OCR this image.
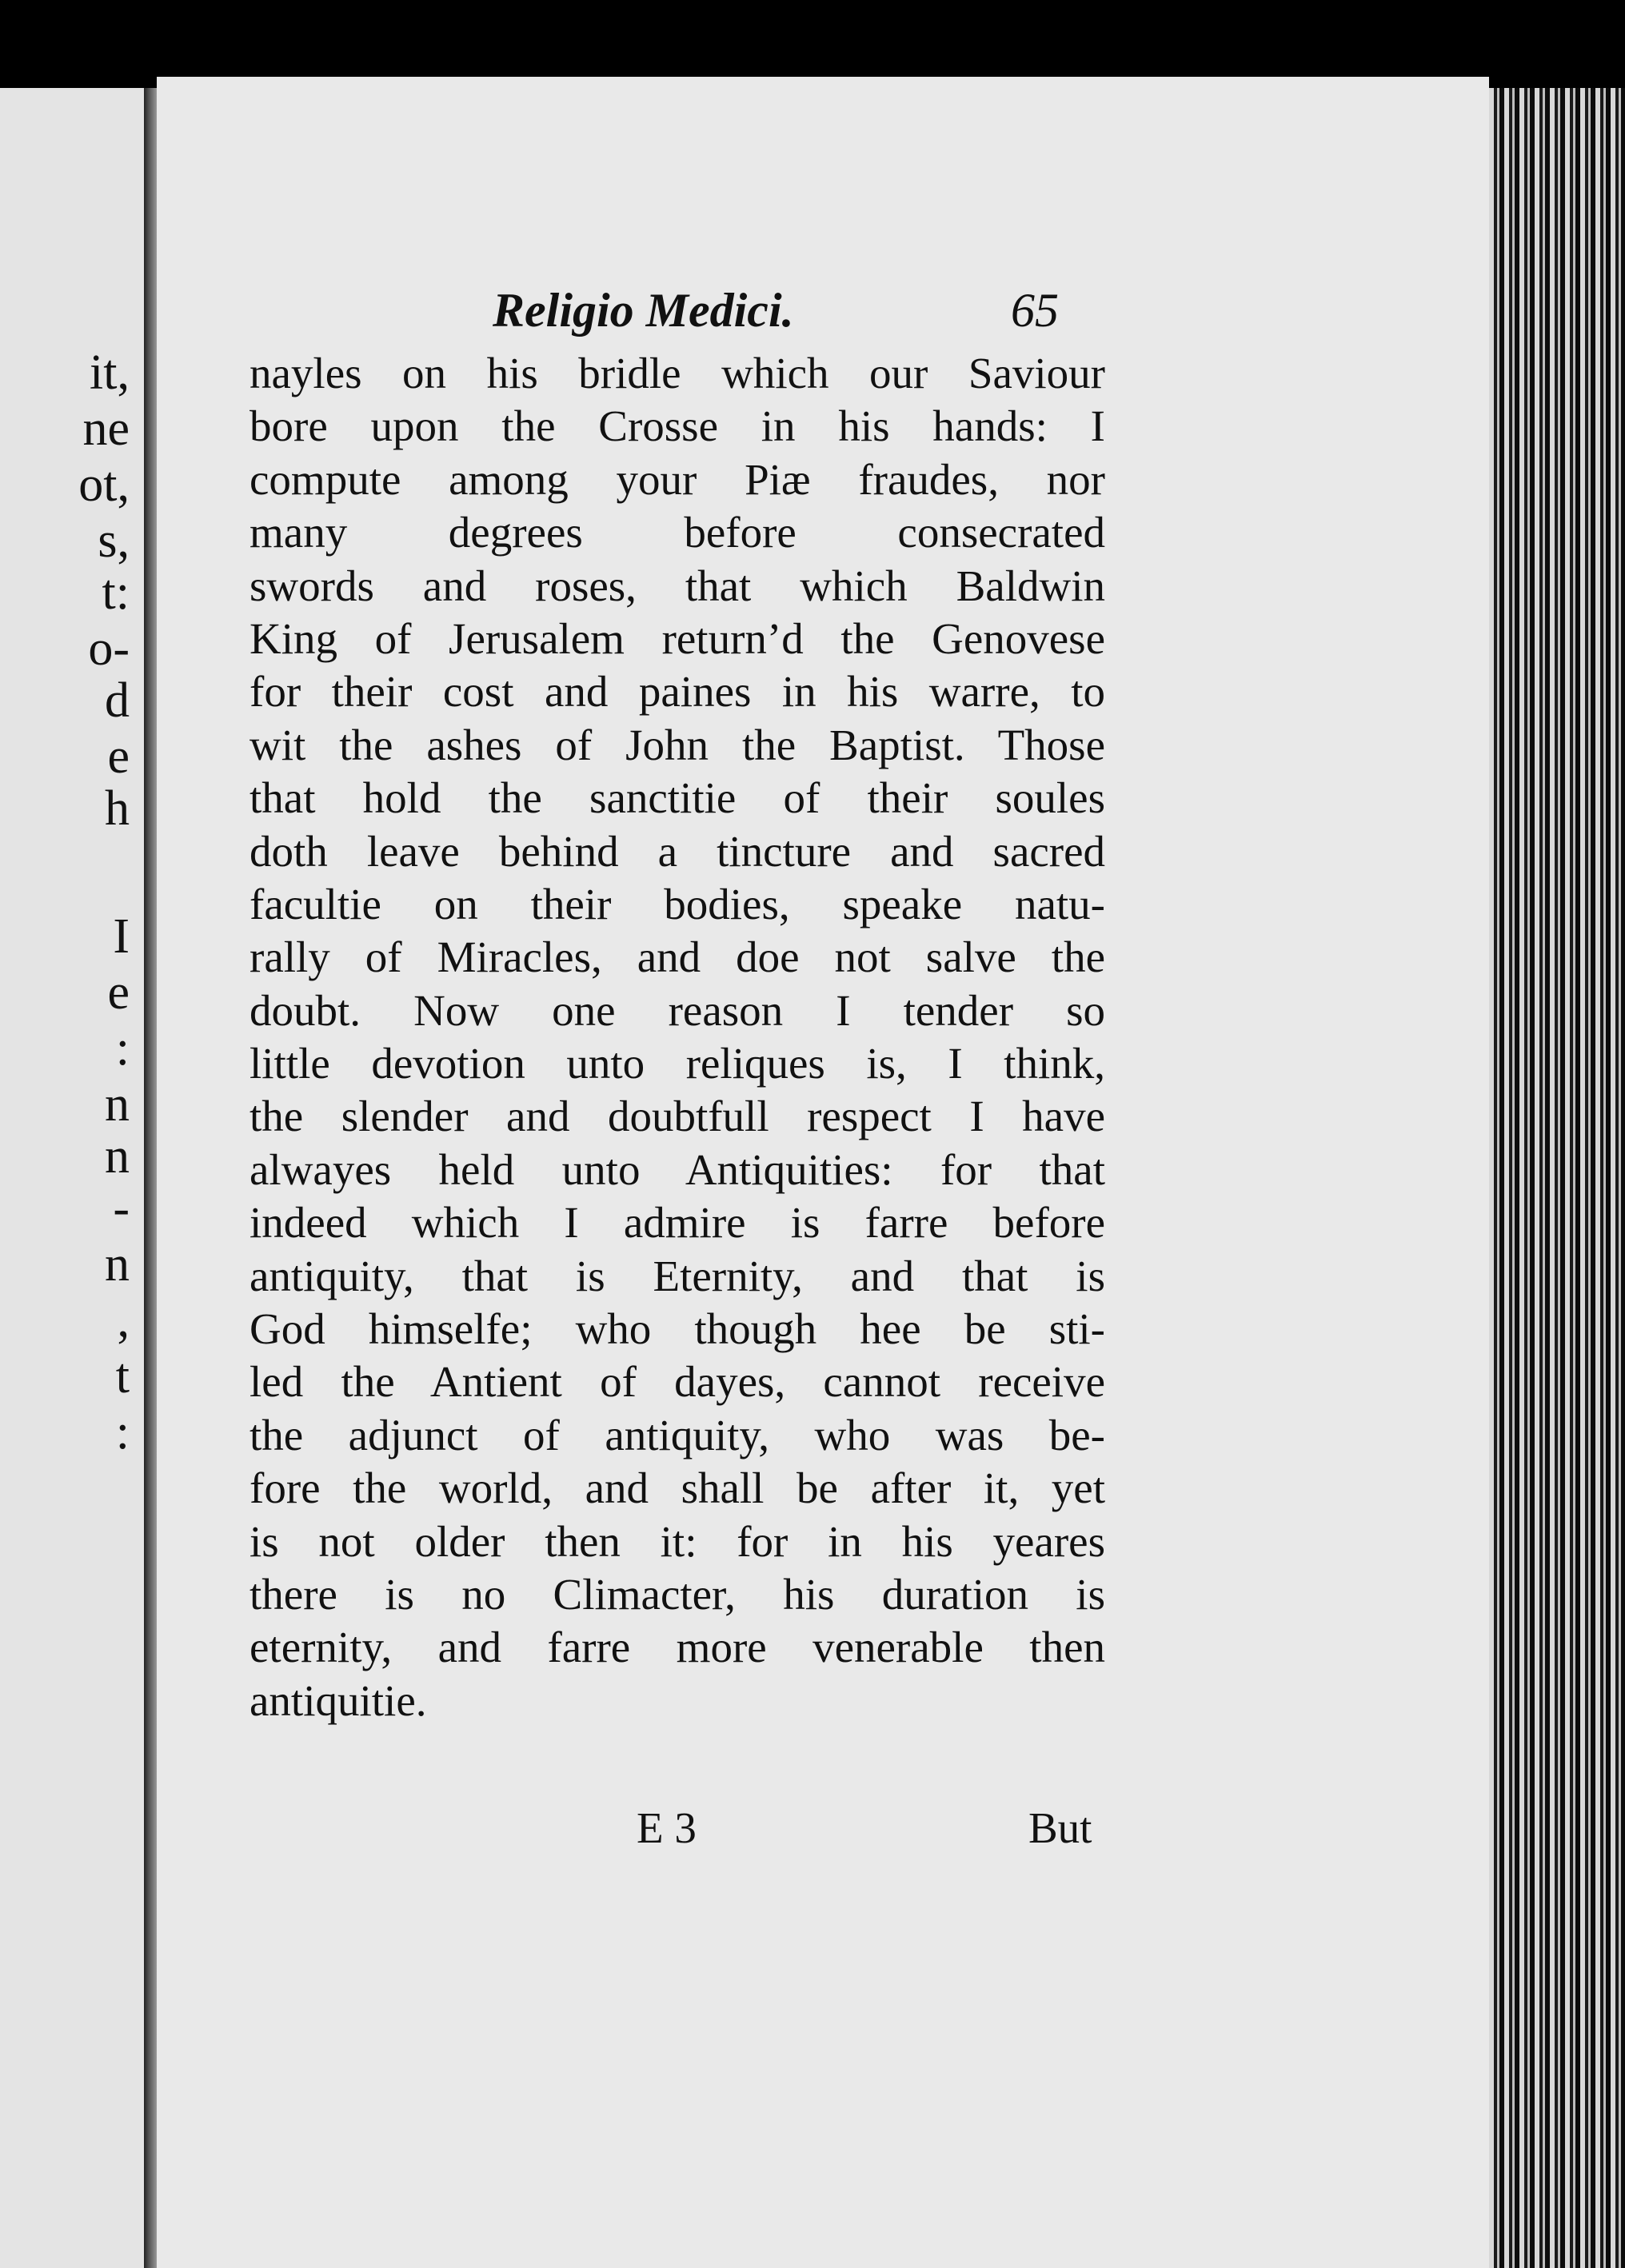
it,
ne
ot,
s,
t:
o-
d
e
h
I
e
:
n
n
-
n
,
t
:
Religio Medici.	65
nayles on his bridle which our Saviour
bore upon the Crosse in his hands: I
compute among your Piæ fraudes, nor
many degrees before consecrated
swords and roses, that which Baldwin
King of Jerusalem return’d the Genovese
for their cost and paines in his warre, to
wit the ashes of John the Baptist. Those
that hold the sanctitie of their soules
doth leave behind a tincture and sacred
facultie on their bodies, speake natu-
rally of Miracles, and doe not salve the
doubt. Now one reason I tender so
little devotion unto reliques is, I think,
the slender and doubtfull respect I have
alwayes held unto Antiquities: for that
indeed which I admire is farre before
antiquity, that is Eternity, and that is
God himselfe; who though hee be sti-
led the Antient of dayes, cannot receive
the adjunct of antiquity, who was be-
fore the world, and shall be after it, yet
is not older then it: for in his yeares
there is no Climacter, his duration is
eternity, and farre more venerable then
antiquitie.
E 3	But
